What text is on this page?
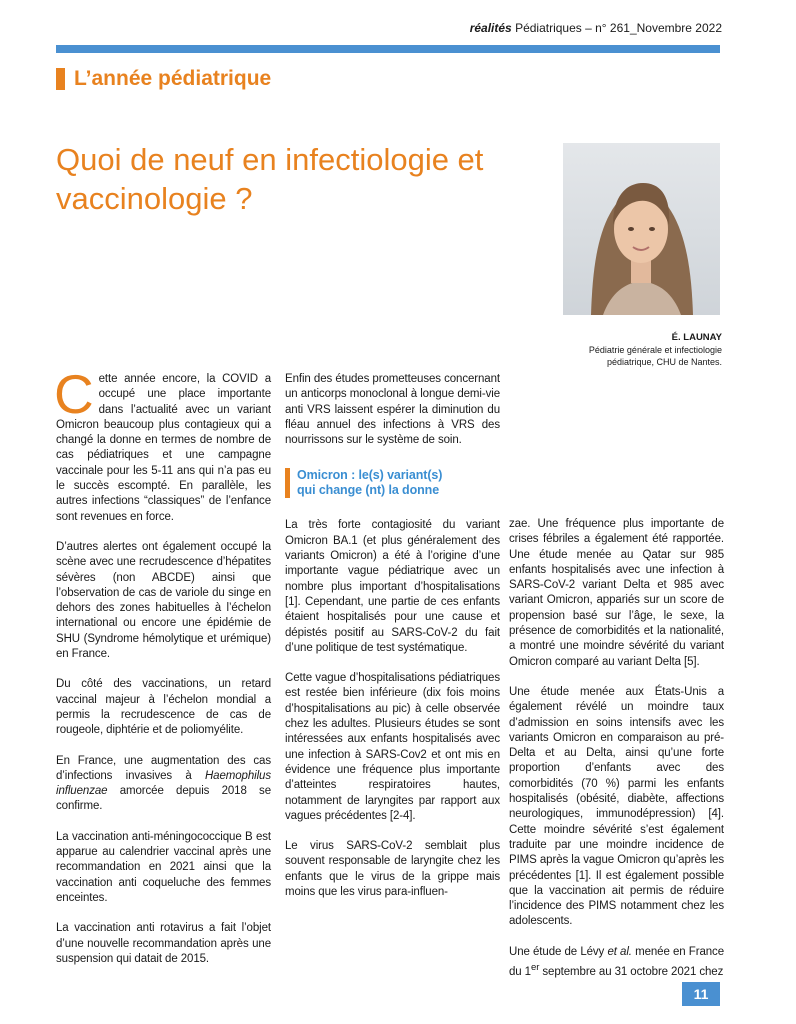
réalités Pédiatriques – n° 261_Novembre 2022
L’année pédiatrique
Quoi de neuf en infectiologie et vaccinologie ?
É. LAUNAY
Pédiatrie générale et infectiologie
pédiatrique, CHU de Nantes.

Cette année encore, la COVID a occupé une place importante dans l’actualité avec un variant Omicron beaucoup plus contagieux qui a changé la donne en termes de nombre de cas pédiatriques et une campagne vaccinale pour les 5-11 ans qui n’a pas eu le succès escompté. En parallèle, les autres infections “classiques” de l’enfance sont revenues en force.

D’autres alertes ont également occupé la scène avec une recrudescence d’hépatites sévères (non ABCDE) ainsi que l’observation de cas de variole du singe en dehors des zones habituelles à l’échelon international ou encore une épidémie de SHU (Syndrome hémolytique et urémique) en France.

Du côté des vaccinations, un retard vaccinal majeur à l’échelon mondial a permis la recrudescence de cas de rougeole, diphtérie et de poliomyélite.

En France, une augmentation des cas d’infections invasives à Haemophilus influenzae amorcée depuis 2018 se confirme.

La vaccination anti-méningococcique B est apparue au calendrier vaccinal après une recommandation en 2021 ainsi que la vaccination anti coqueluche des femmes enceintes.

La vaccination anti rotavirus a fait l’objet d’une nouvelle recommandation après une suspension qui datait de 2015.

Enfin des études prometteuses concernant un anticorps monoclonal à longue demi-vie anti VRS laissent espérer la diminution du fléau annuel des infections à VRS des nourrissons sur le système de soin.

Omicron : le(s) variant(s)
qui change (nt) la donne

La très forte contagiosité du variant Omicron BA.1 (et plus généralement des variants Omicron) a été à l’origine d’une importante vague pédiatrique avec un nombre plus important d’hospitalisations [1]. Cependant, une partie de ces enfants étaient hospitalisés pour une cause et dépistés positif au SARS-CoV-2 du fait d’une politique de test systématique.

Cette vague d’hospitalisations pédiatriques est restée bien inférieure (dix fois moins d’hospitalisations au pic) à celle observée chez les adultes. Plusieurs études se sont intéressées aux enfants hospitalisés avec une infection à SARS-Cov2 et ont mis en évidence une fréquence plus importante d’atteintes respiratoires hautes, notamment de laryngites par rapport aux vagues précédentes [2-4].

Le virus SARS-CoV-2 semblait plus souvent responsable de laryngite chez les enfants que le virus de la grippe mais moins que les virus para-influen-

zae. Une fréquence plus importante de crises fébriles a également été rapportée. Une étude menée au Qatar sur 985 enfants hospitalisés avec une infection à SARS-CoV-2 variant Delta et 985 avec variant Omicron, appariés sur un score de propension basé sur l’âge, le sexe, la présence de comorbidités et la nationalité, a montré une moindre sévérité du variant Omicron comparé au variant Delta [5].

Une étude menée aux États-Unis a également révélé un moindre taux d’admission en soins intensifs avec les variants Omicron en comparaison au pré-Delta et au Delta, ainsi qu’une forte proportion d’enfants avec des comorbidités (70 %) parmi les enfants hospitalisés (obésité, diabète, affections neurologiques, immunodépression) [4]. Cette moindre sévérité s’est également traduite par une moindre incidence de PIMS après la vague Omicron qu’après les précédentes [1]. Il est également possible que la vaccination ait permis de réduire l’incidence des PIMS notamment chez les adolescents.

Une étude de Lévy et al. menée en France du 1er septembre au 31 octobre 2021 chez

11
